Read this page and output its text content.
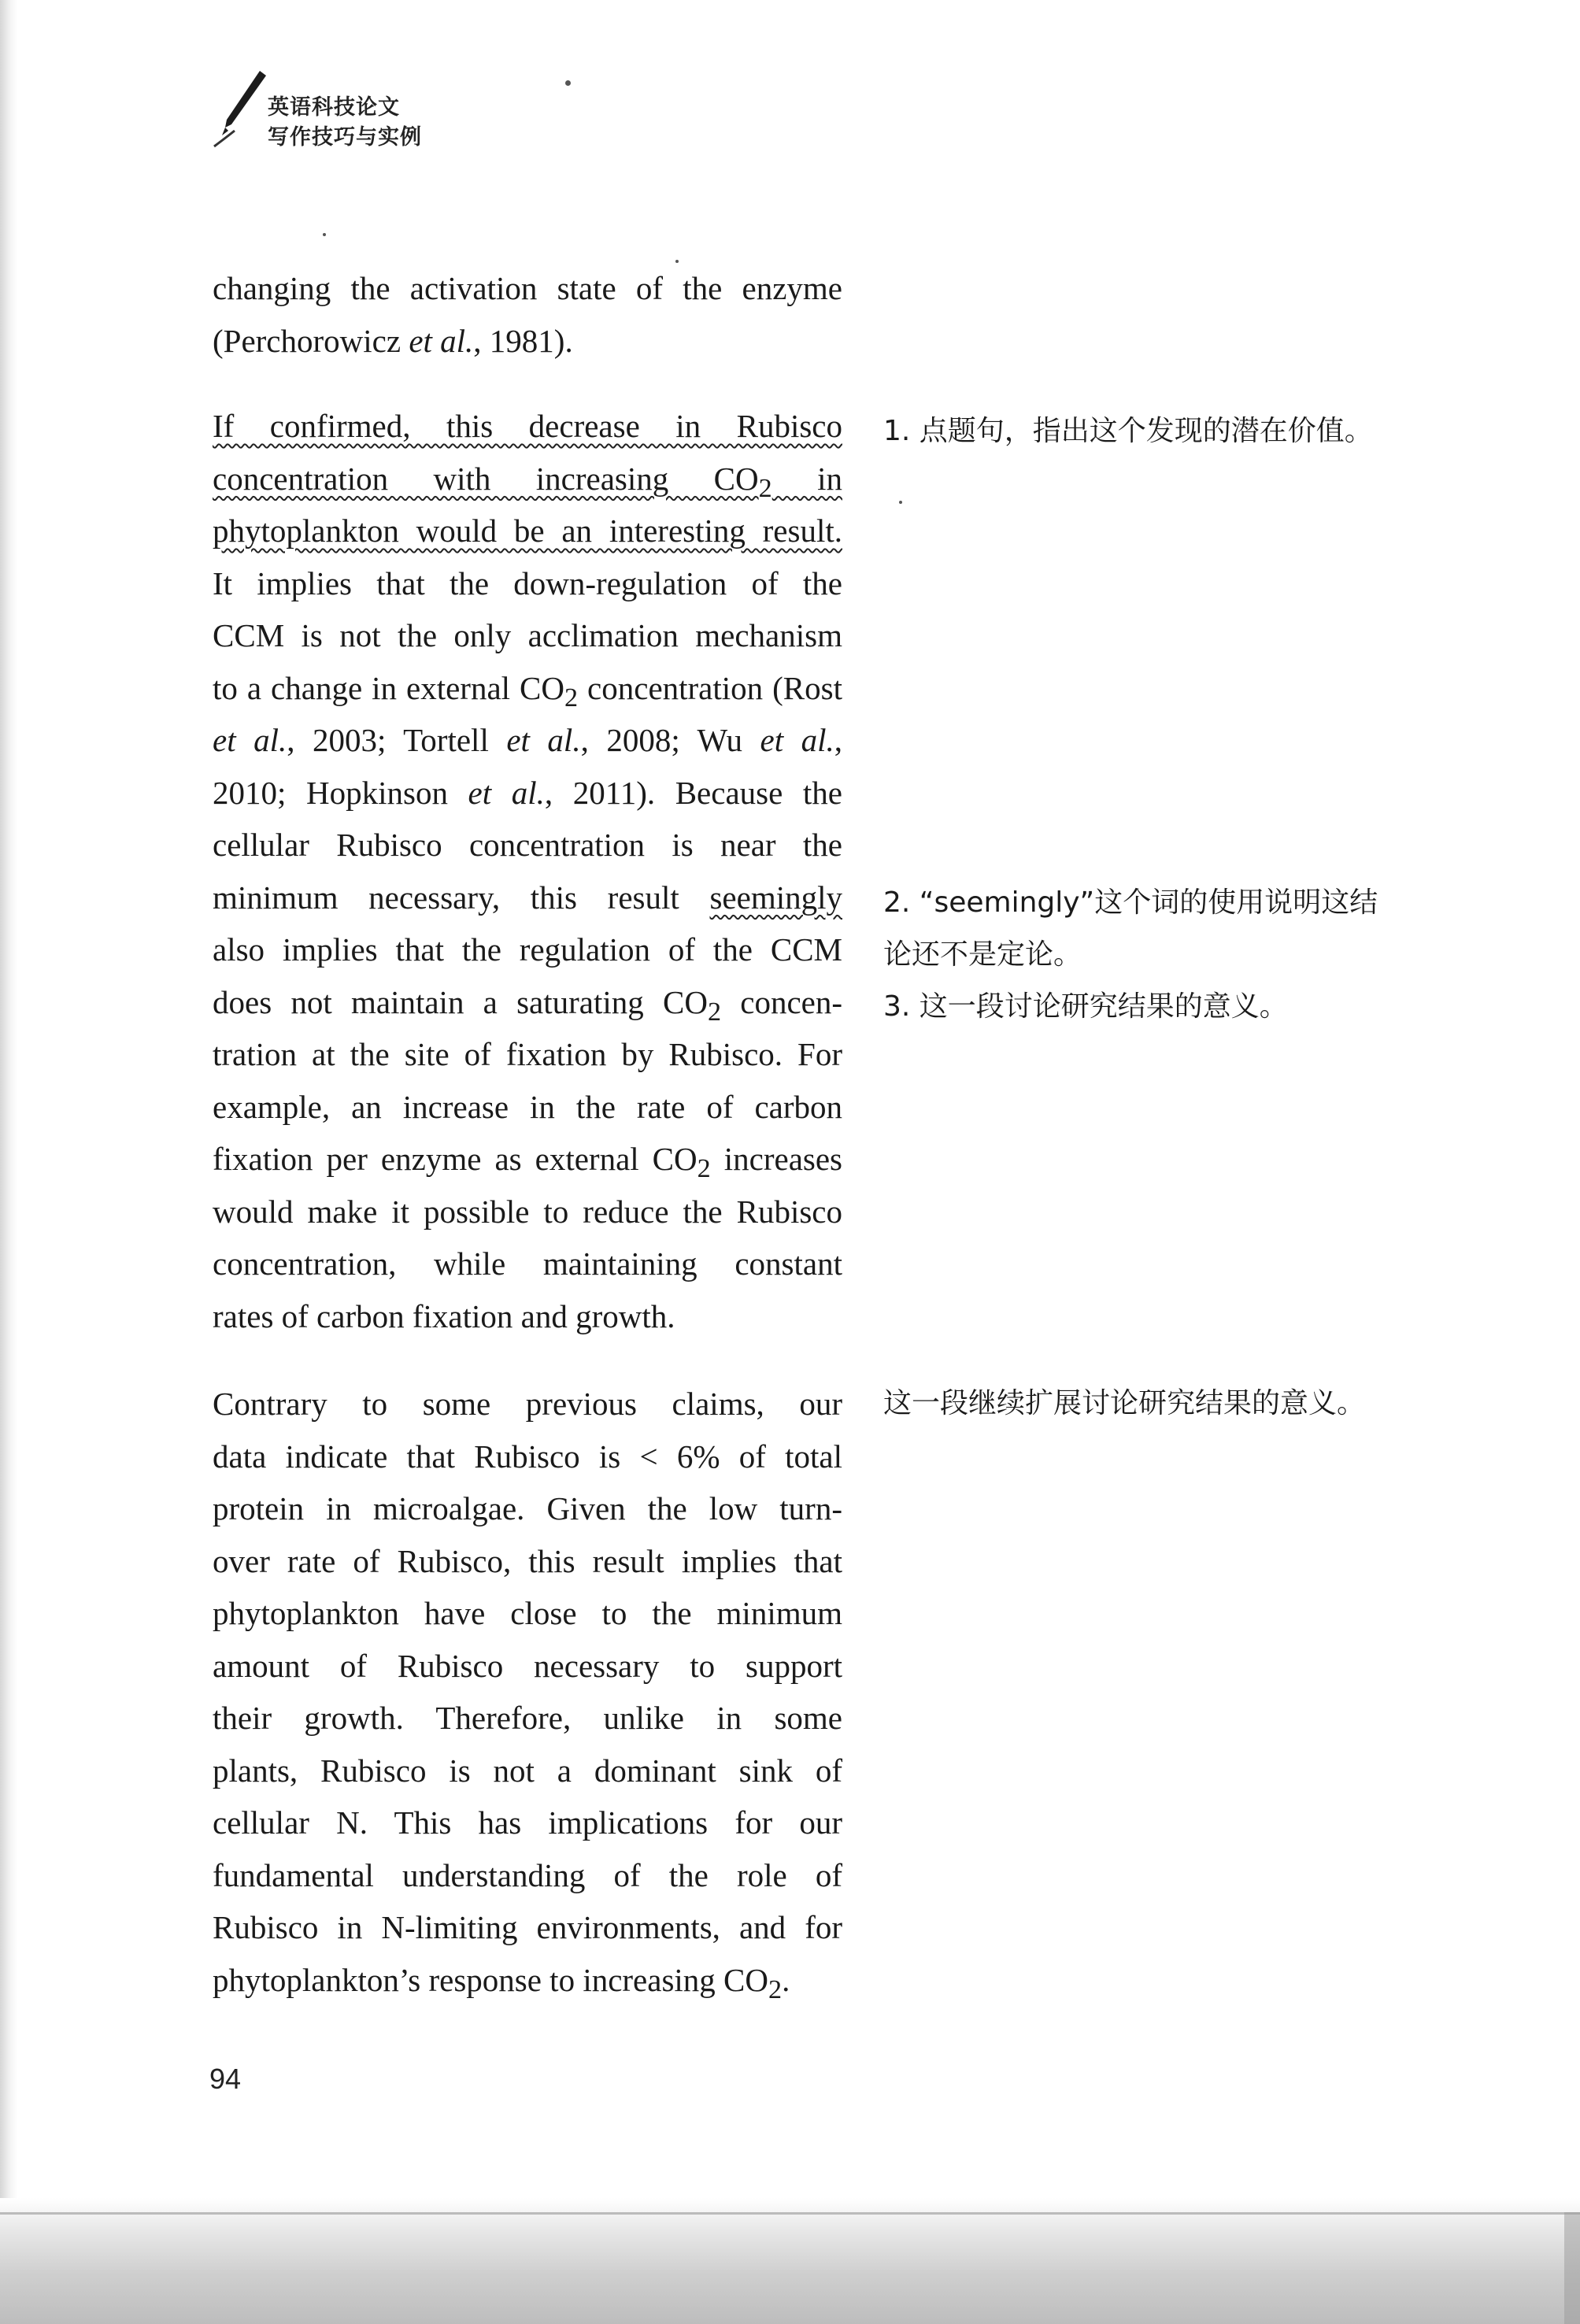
英语科技论文
写作技巧与实例
changing the activation state of the enzyme
(Perchorowicz et al., 1981).
If confirmed, this decrease in Rubisco
concentration with increasing $CO_2$ in
phytoplankton would be an interesting result.
It implies that the down-regulation of the
CCM is not the only acclimation mechanism
to a change in external $CO_2$ concentration (Rost
et al., 2003; Tortell et al., 2008; Wu et al.,
2010; Hopkinson et al., 2011). Because the
cellular Rubisco concentration is near the
minimum necessary, this result seemingly
also implies that the regulation of the CCM
does not maintain a saturating $CO_2$ concen-
tration at the site of fixation by Rubisco. For
example, an increase in the rate of carbon
fixation per enzyme as external $CO_2$ increases
would make it possible to reduce the Rubisco
concentration, while maintaining constant
rates of carbon fixation and growth.
Contrary to some previous claims, our
data indicate that Rubisco is < 6% of total
protein in microalgae. Given the low turn-
over rate of Rubisco, this result implies that
phytoplankton have close to the minimum
amount of Rubisco necessary to support
their growth. Therefore, unlike in some
plants, Rubisco is not a dominant sink of
cellular N. This has implications for our
fundamental understanding of the role of
Rubisco in N-limiting environments, and for
phytoplankton’s response to increasing $CO_2$.
1. 点题句，指出这个发现的潜在价值。
2. “seemingly”这个词的使用说明这结
论还不是定论。
3. 这一段讨论研究结果的意义。
这一段继续扩展讨论研究结果的意义。
94
